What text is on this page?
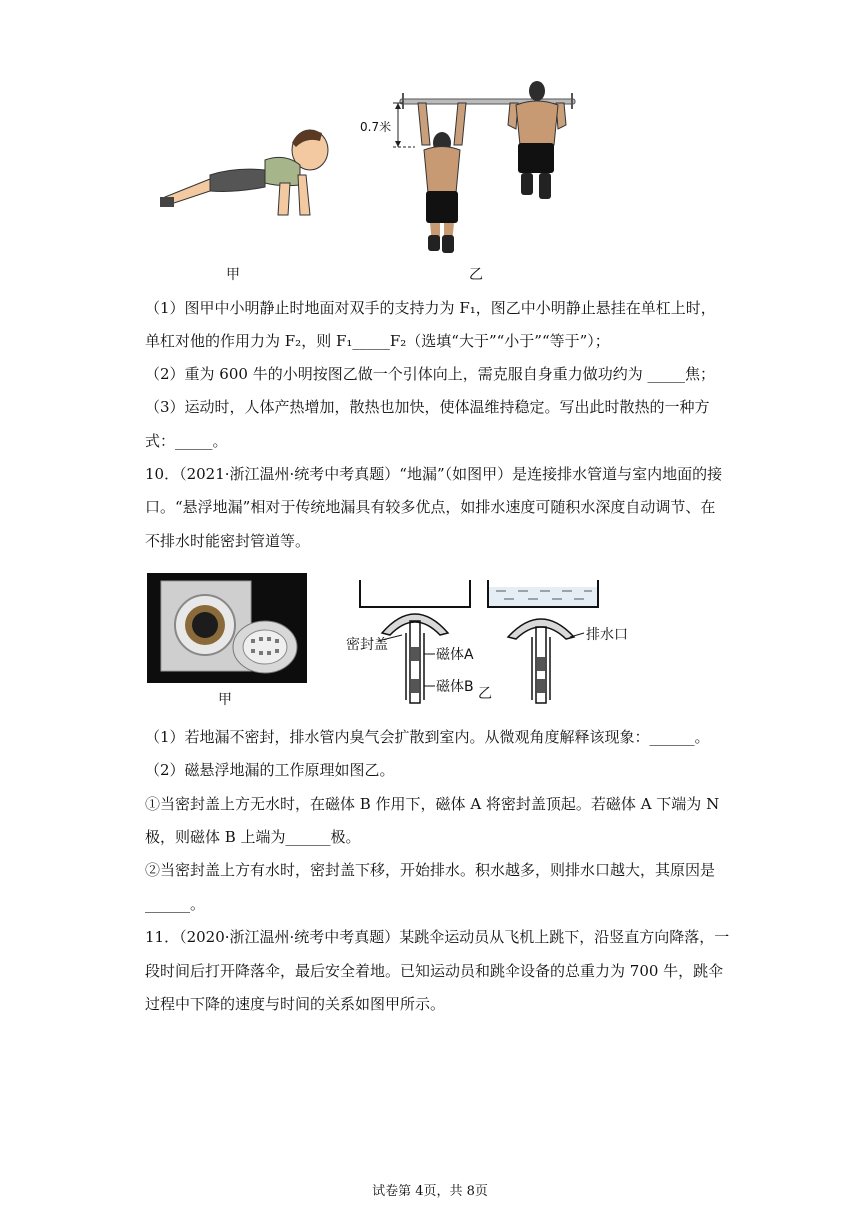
0.7米
甲	乙
（1）图甲中小明静止时地面对双手的支持力为 F₁，图乙中小明静止悬挂在单杠上时，
单杠对他的作用力为 F₂，则 F₁_____F₂（选填“大于”“小于”“等于”）；
（2）重为 600 牛的小明按图乙做一个引体向上，需克服自身重力做功约为 _____焦；
（3）运动时，人体产热增加，散热也加快，使体温维持稳定。写出此时散热的一种方
式：_____。
10．（2021·浙江温州·统考中考真题）“地漏”（如图甲）是连接排水管道与室内地面的接
口。“悬浮地漏”相对于传统地漏具有较多优点，如排水速度可随积水深度自动调节、在
不排水时能密封管道等。
甲
密封盖
磁体A
磁体B
排水口
乙
（1）若地漏不密封，排水管内臭气会扩散到室内。从微观角度解释该现象：______。
（2）磁悬浮地漏的工作原理如图乙。
①当密封盖上方无水时，在磁体 B 作用下，磁体 A 将密封盖顶起。若磁体 A 下端为 N
极，则磁体 B 上端为______极。
②当密封盖上方有水时，密封盖下移，开始排水。积水越多，则排水口越大，其原因是
______。
11．（2020·浙江温州·统考中考真题）某跳伞运动员从飞机上跳下，沿竖直方向降落，一
段时间后打开降落伞，最后安全着地。已知运动员和跳伞设备的总重力为 700 牛，跳伞
过程中下降的速度与时间的关系如图甲所示。
试卷第 4页，共 8页
